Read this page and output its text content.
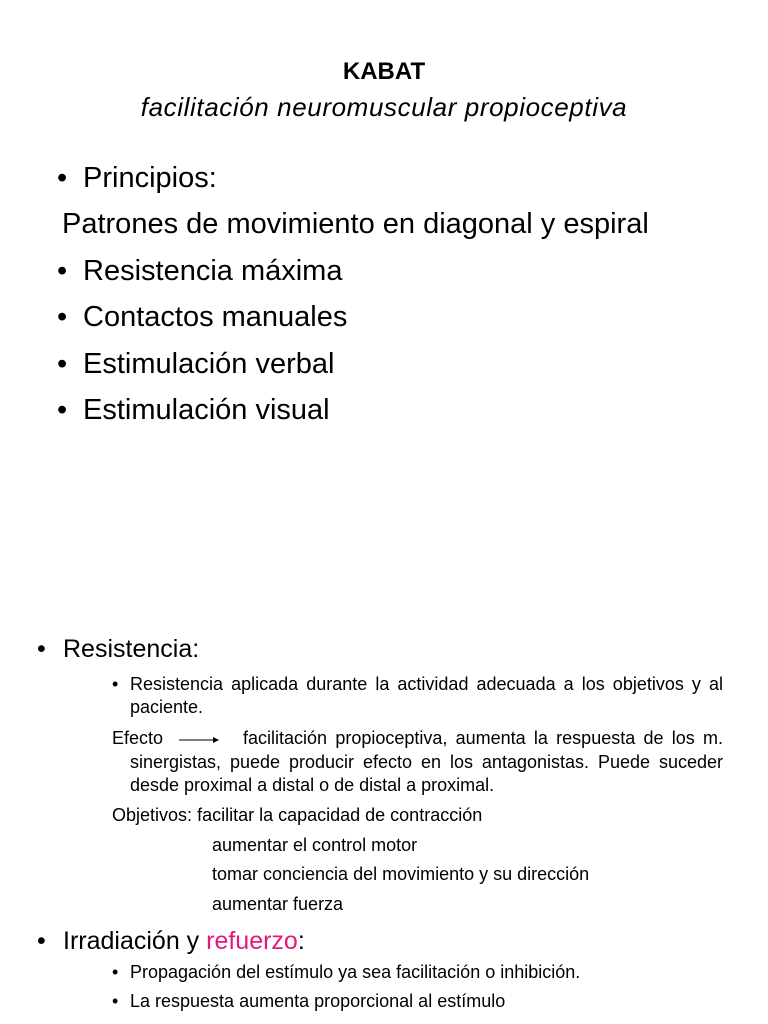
KABAT
facilitación neuromuscular propioceptiva
• Principios:
Patrones de movimiento en diagonal y espiral
• Resistencia máxima
• Contactos manuales
• Estimulación verbal
• Estimulación visual
• Resistencia:
• Resistencia aplicada durante la actividad adecuada a los objetivos y al paciente.
Efecto	facilitación propioceptiva, aumenta la respuesta de los m. sinergistas, puede producir efecto en los antagonistas. Puede suceder desde proximal a distal o de distal a proximal.
Objetivos: facilitar la capacidad de contracción
aumentar el control motor
tomar conciencia del movimiento y su dirección
aumentar fuerza
• Irradiación y refuerzo:
• Propagación del estímulo ya sea facilitación o inhibición.
• La respuesta aumenta proporcional al estímulo
